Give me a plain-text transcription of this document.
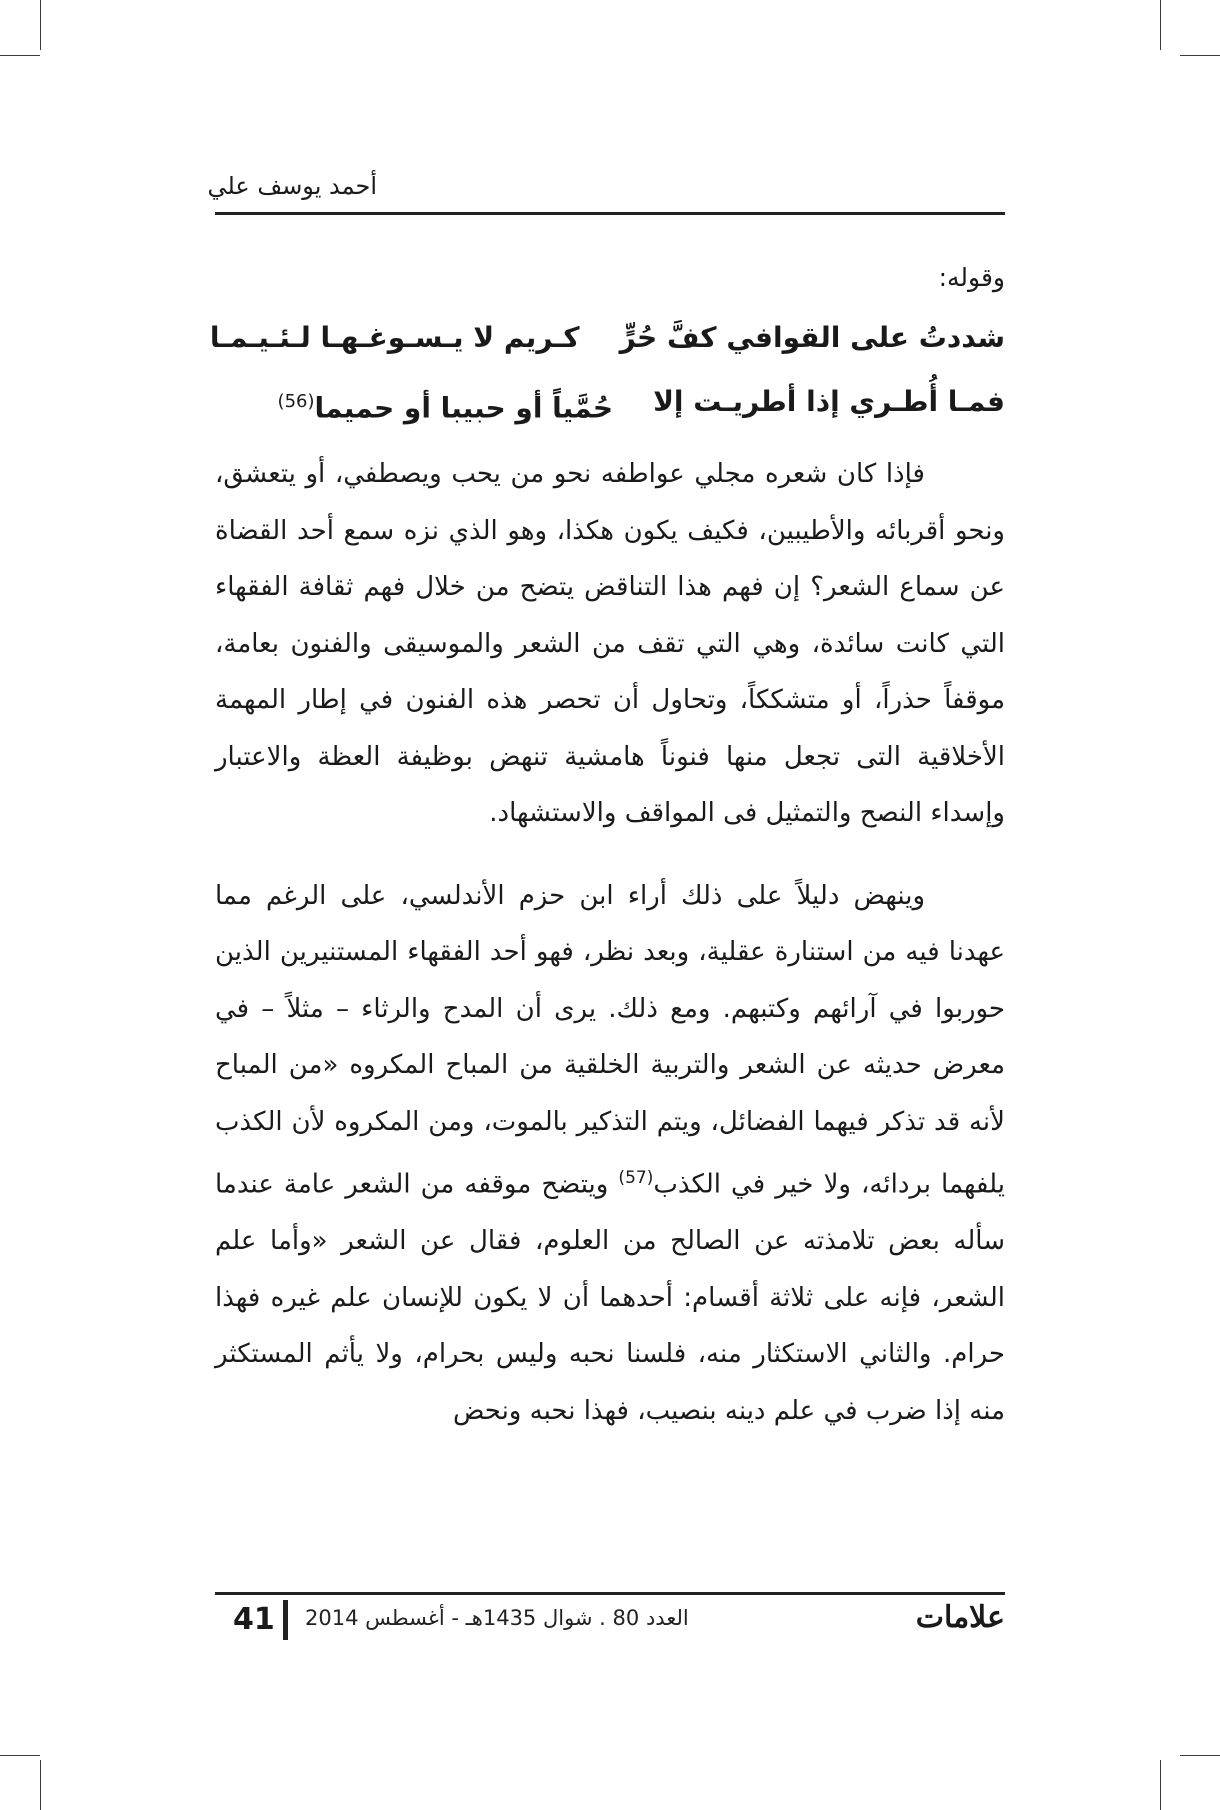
أحمد يوسف علي

وقوله:

شددتُ على القوافي كفَّ حُرٍّ
كـريم لا يـسـوغـهـا لـئـيـمـا
فمـا أُطـري إذا أطريـت إلا
حُمَّياً أو حبيبا أو حميما$^{(56)}$

فإذا كان شعره مجلي عواطفه نحو من يحب ويصطفي، أو يتعشق، ونحو أقربائه والأطيبين، فكيف يكون هكذا، وهو الذي نزه سمع أحد القضاة عن سماع الشعر؟ إن فهم هذا التناقض يتضح من خلال فهم ثقافة الفقهاء التي كانت سائدة، وهي التي تقف من الشعر والموسيقى والفنون بعامة، موقفاً حذراً، أو متشككاً، وتحاول أن تحصر هذه الفنون في إطار المهمة الأخلاقية التى تجعل منها فنوناً هامشية تنهض بوظيفة العظة والاعتبار وإسداء النصح والتمثيل فى المواقف والاستشهاد.

وينهض دليلاً على ذلك أراء ابن حزم الأندلسي، على الرغم مما عهدنا فيه من استنارة عقلية، وبعد نظر، فهو أحد الفقهاء المستنيرين الذين حوربوا في آرائهم وكتبهم. ومع ذلك. يرى أن المدح والرثاء – مثلاً – في معرض حديثه عن الشعر والتربية الخلقية من المباح المكروه «من المباح لأنه قد تذكر فيهما الفضائل، ويتم التذكير بالموت، ومن المكروه لأن الكذب يلفهما بردائه، ولا خير في الكذب$^{(57)}$ ويتضح موقفه من الشعر عامة عندما سأله بعض تلامذته عن الصالح من العلوم، فقال عن الشعر «وأما علم الشعر، فإنه على ثلاثة أقسام: أحدهما أن لا يكون للإنسان علم غيره فهذا حرام. والثاني الاستكثار منه، فلسنا نحبه وليس بحرام، ولا يأثم المستكثر منه إذا ضرب في علم دينه بنصيب، فهذا نحبه ونحض

41 العدد 80 . شوال 1435هـ - أغسطس 2014	علامات
